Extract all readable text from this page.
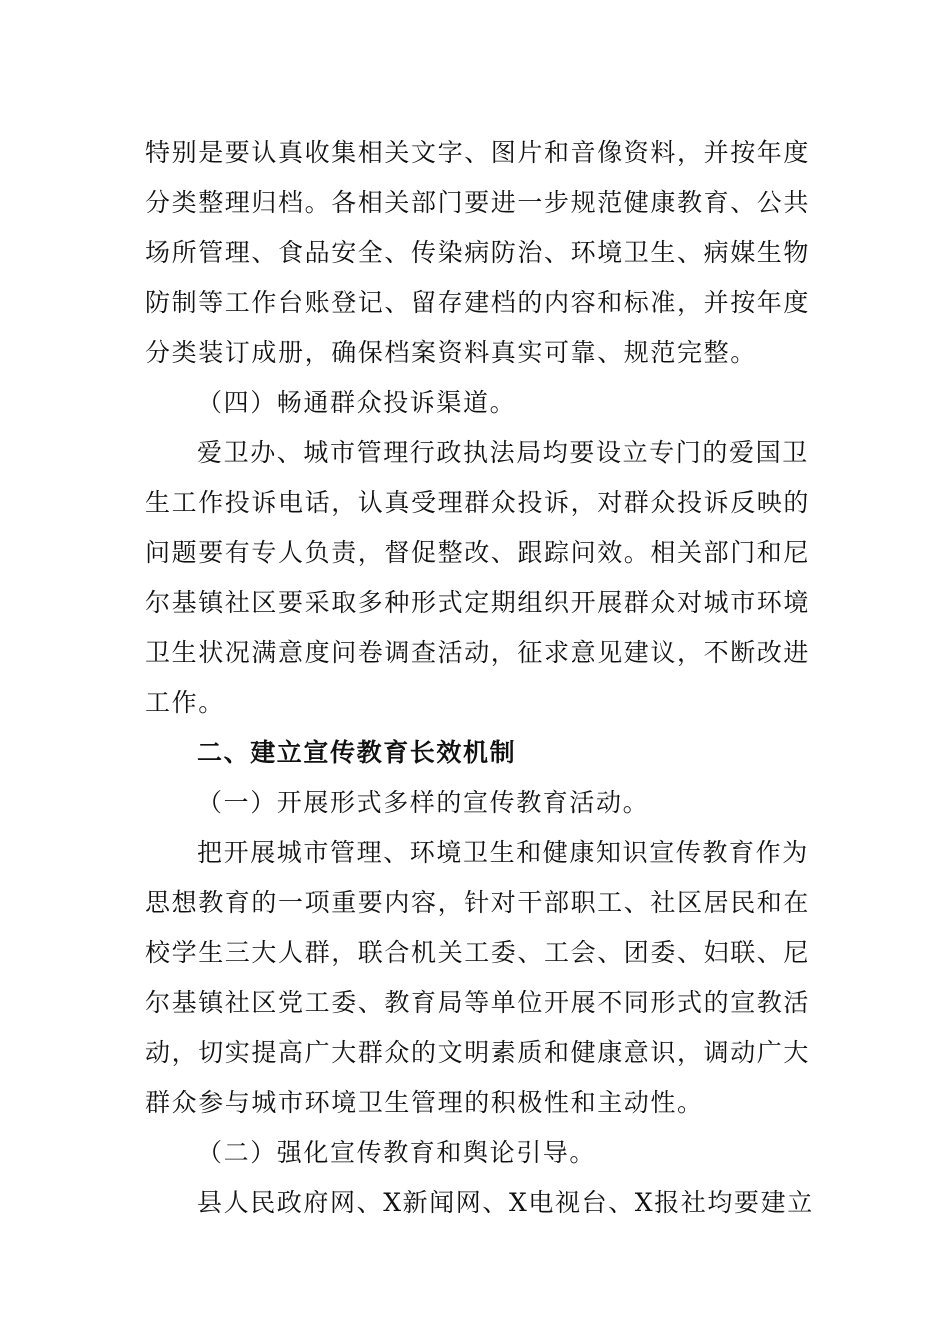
特别是要认真收集相关文字、图片和音像资料，并按年度
分类整理归档。各相关部门要进一步规范健康教育、公共
场所管理、食品安全、传染病防治、环境卫生、病媒生物
防制等工作台账登记、留存建档的内容和标准，并按年度
分类装订成册，确保档案资料真实可靠、规范完整。
（四）畅通群众投诉渠道。
爱卫办、城市管理行政执法局均要设立专门的爱国卫
生工作投诉电话，认真受理群众投诉，对群众投诉反映的
问题要有专人负责，督促整改、跟踪问效。相关部门和尼
尔基镇社区要采取多种形式定期组织开展群众对城市环境
卫生状况满意度问卷调查活动，征求意见建议，不断改进
工作。
二、建立宣传教育长效机制
（一）开展形式多样的宣传教育活动。
把开展城市管理、环境卫生和健康知识宣传教育作为
思想教育的一项重要内容，针对干部职工、社区居民和在
校学生三大人群，联合机关工委、工会、团委、妇联、尼
尔基镇社区党工委、教育局等单位开展不同形式的宣教活
动，切实提高广大群众的文明素质和健康意识，调动广大
群众参与城市环境卫生管理的积极性和主动性。
（二）强化宣传教育和舆论引导。
县人民政府网、X新闻网、X电视台、X报社均要建立
